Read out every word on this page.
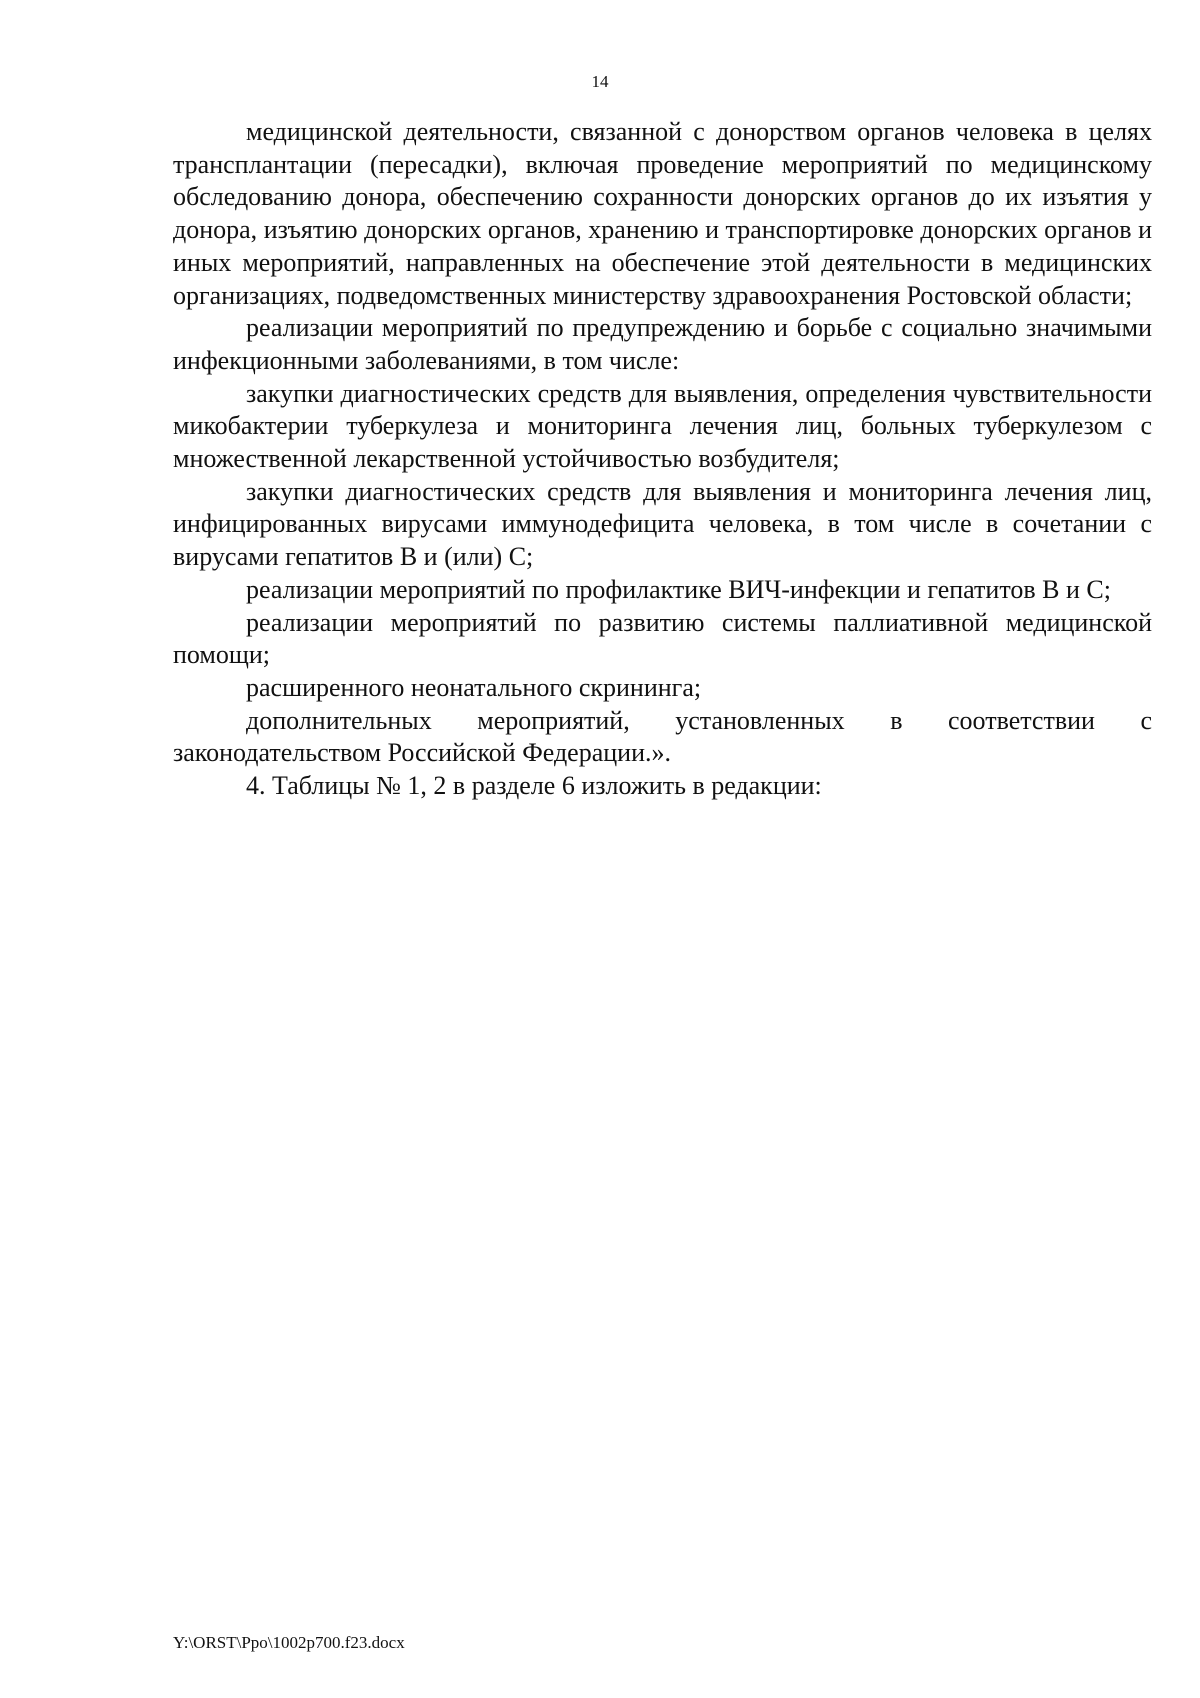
14

медицинской деятельности, связанной с донорством органов человека в целях трансплантации (пересадки), включая проведение мероприятий по медицинскому обследованию донора, обеспечению сохранности донорских органов до их изъятия у донора, изъятию донорских органов, хранению и транспортировке донорских органов и иных мероприятий, направленных на обеспечение этой деятельности в медицинских организациях, подведомственных министерству здравоохранения Ростовской области;

реализации мероприятий по предупреждению и борьбе с социально значимыми инфекционными заболеваниями, в том числе:

закупки диагностических средств для выявления, определения чувствительности микобактерии туберкулеза и мониторинга лечения лиц, больных туберкулезом с множественной лекарственной устойчивостью возбудителя;

закупки диагностических средств для выявления и мониторинга лечения лиц, инфицированных вирусами иммунодефицита человека, в том числе в сочетании с вирусами гепатитов B и (или) C;

реализации мероприятий по профилактике ВИЧ-инфекции и гепатитов B и C;

реализации мероприятий по развитию системы паллиативной медицинской помощи;

расширенного неонатального скрининга;

дополнительных мероприятий, установленных в соответствии с законодательством Российской Федерации.».

4. Таблицы № 1, 2 в разделе 6 изложить в редакции:

Y:\ORST\Ppo\1002p700.f23.docx
